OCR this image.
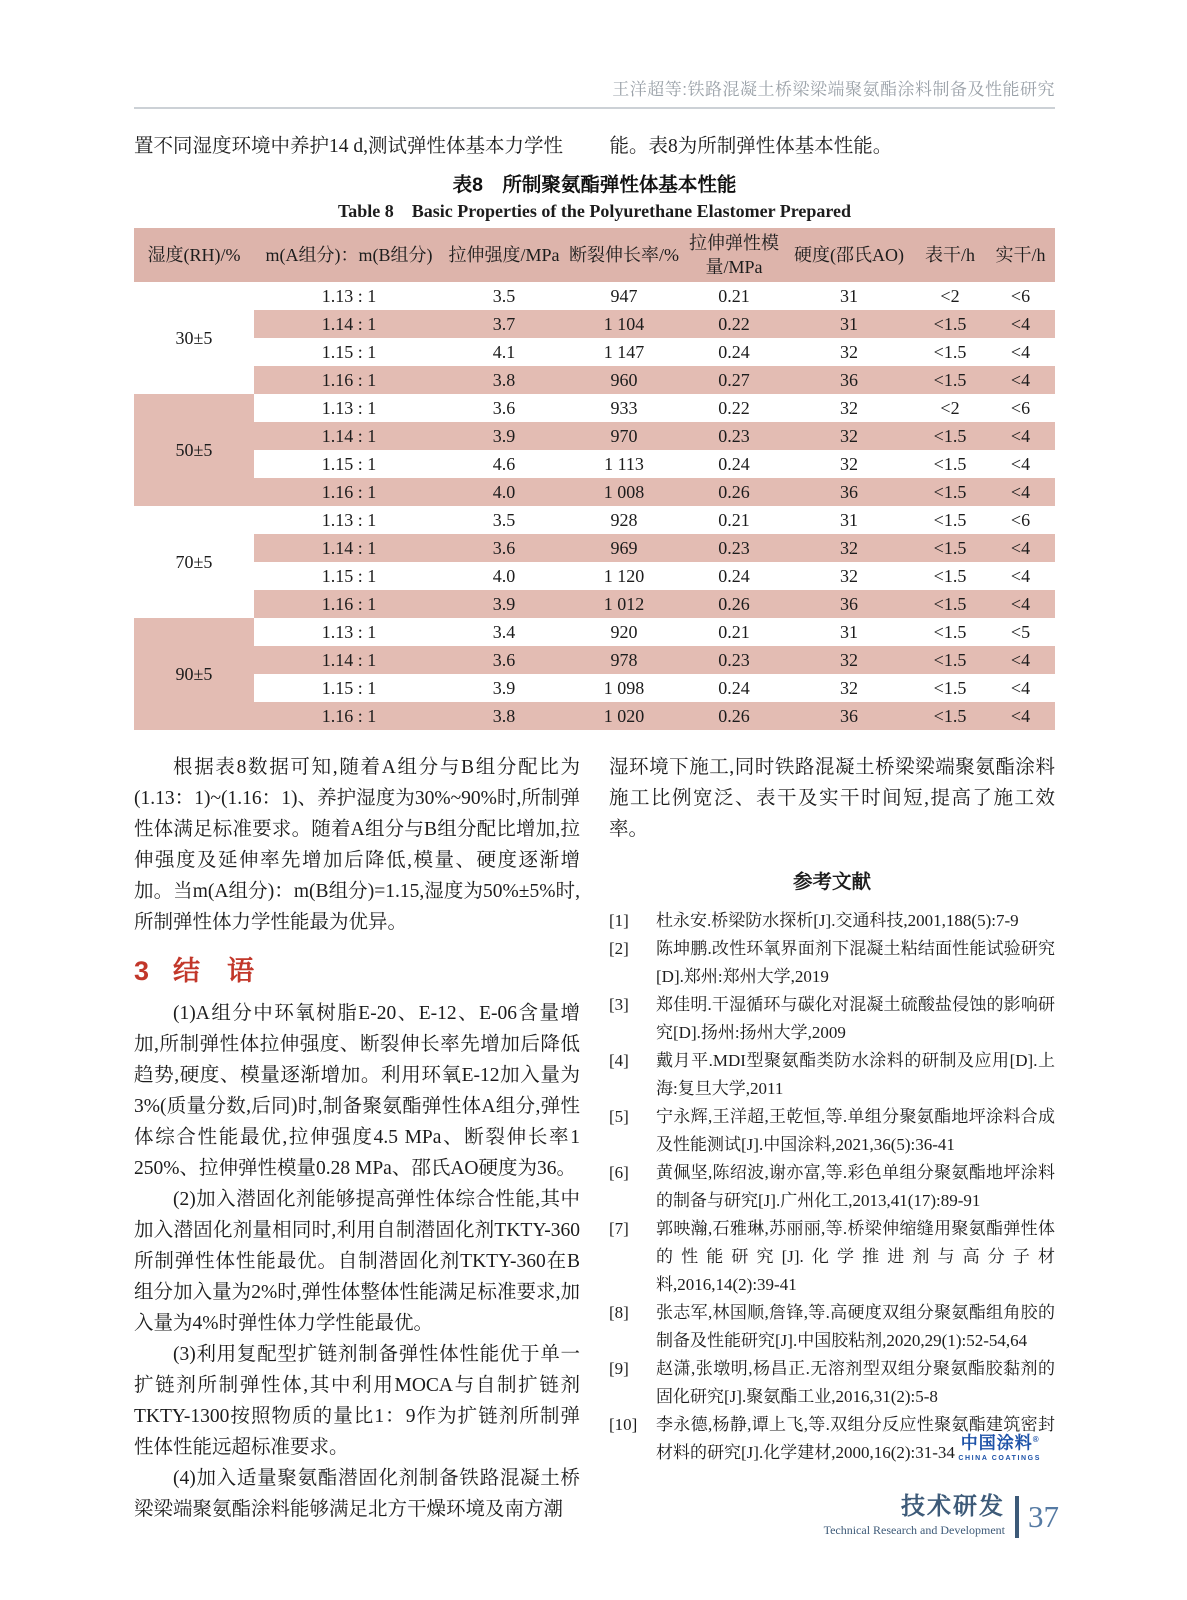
王洋超等:铁路混凝土桥梁梁端聚氨酯涂料制备及性能研究

置不同湿度环境中养护14 d,测试弹性体基本力学性	能。表8为所制弹性体基本性能。

表8　所制聚氨酯弹性体基本性能
Table 8　Basic Properties of the Polyurethane Elastomer Prepared
湿度(RH)/%	m(A组分)：m(B组分)	拉伸强度/MPa	断裂伸长率/%	拉伸弹性模量/MPa	硬度(邵氏AO)	表干/h	实干/h
30±5	1.13 : 1	3.5	947	0.21	31	<2	<6
	1.14 : 1	3.7	1 104	0.22	31	<1.5	<4
	1.15 : 1	4.1	1 147	0.24	32	<1.5	<4
	1.16 : 1	3.8	960	0.27	36	<1.5	<4
50±5	1.13 : 1	3.6	933	0.22	32	<2	<6
	1.14 : 1	3.9	970	0.23	32	<1.5	<4
	1.15 : 1	4.6	1 113	0.24	32	<1.5	<4
	1.16 : 1	4.0	1 008	0.26	36	<1.5	<4
70±5	1.13 : 1	3.5	928	0.21	31	<1.5	<6
	1.14 : 1	3.6	969	0.23	32	<1.5	<4
	1.15 : 1	4.0	1 120	0.24	32	<1.5	<4
	1.16 : 1	3.9	1 012	0.26	36	<1.5	<4
90±5	1.13 : 1	3.4	920	0.21	31	<1.5	<5
	1.14 : 1	3.6	978	0.23	32	<1.5	<4
	1.15 : 1	3.9	1 098	0.24	32	<1.5	<4
	1.16 : 1	3.8	1 020	0.26	36	<1.5	<4

根据表8数据可知,随着A组分与B组分配比为(1.13：1)~(1.16：1)、养护湿度为30%~90%时,所制弹性体满足标准要求。随着A组分与B组分配比增加,拉伸强度及延伸率先增加后降低,模量、硬度逐渐增加。当m(A组分)：m(B组分)=1.15,湿度为50%±5%时,所制弹性体力学性能最为优异。

3 结　语

(1)A组分中环氧树脂E-20、E-12、E-06含量增加,所制弹性体拉伸强度、断裂伸长率先增加后降低趋势,硬度、模量逐渐增加。利用环氧E-12加入量为3%(质量分数,后同)时,制备聚氨酯弹性体A组分,弹性体综合性能最优,拉伸强度4.5 MPa、断裂伸长率1 250%、拉伸弹性模量0.28 MPa、邵氏AO硬度为36。

(2)加入潜固化剂能够提高弹性体综合性能,其中加入潜固化剂量相同时,利用自制潜固化剂TKTY-360所制弹性体性能最优。自制潜固化剂TKTY-360在B组分加入量为2%时,弹性体整体性能满足标准要求,加入量为4%时弹性体力学性能最优。

(3)利用复配型扩链剂制备弹性体性能优于单一扩链剂所制弹性体,其中利用MOCA与自制扩链剂TKTY-1300按照物质的量比1：9作为扩链剂所制弹性体性能远超标准要求。

(4)加入适量聚氨酯潜固化剂制备铁路混凝土桥梁梁端聚氨酯涂料能够满足北方干燥环境及南方潮

湿环境下施工,同时铁路混凝土桥梁梁端聚氨酯涂料施工比例宽泛、表干及实干时间短,提高了施工效率。

参考文献
[1]	杜永安.桥梁防水探析[J].交通科技,2001,188(5):7-9
[2]	陈坤鹏.改性环氧界面剂下混凝土粘结面性能试验研究[D].郑州:郑州大学,2019
[3]	郑佳明.干湿循环与碳化对混凝土硫酸盐侵蚀的影响研究[D].扬州:扬州大学,2009
[4]	戴月平.MDI型聚氨酯类防水涂料的研制及应用[D].上海:复旦大学,2011
[5]	宁永辉,王洋超,王乾恒,等.单组分聚氨酯地坪涂料合成及性能测试[J].中国涂料,2021,36(5):36-41
[6]	黄佩坚,陈绍波,谢亦富,等.彩色单组分聚氨酯地坪涂料的制备与研究[J].广州化工,2013,41(17):89-91
[7]	郭映瀚,石雅琳,苏丽丽,等.桥梁伸缩缝用聚氨酯弹性体的性能研究[J].化学推进剂与高分子材料,2016,14(2):39-41
[8]	张志军,林国顺,詹锋,等.高硬度双组分聚氨酯组角胶的制备及性能研究[J].中国胶粘剂,2020,29(1):52-54,64
[9]	赵潇,张墩明,杨昌正.无溶剂型双组分聚氨酯胶黏剂的固化研究[J].聚氨酯工业,2016,31(2):5-8
[10]	李永德,杨静,谭上飞,等.双组分反应性聚氨酯建筑密封材料的研究[J].化学建材,2000,16(2):31-34 中国涂料®
CHINA COATINGS
技术研发
Technical Research and Development 37
